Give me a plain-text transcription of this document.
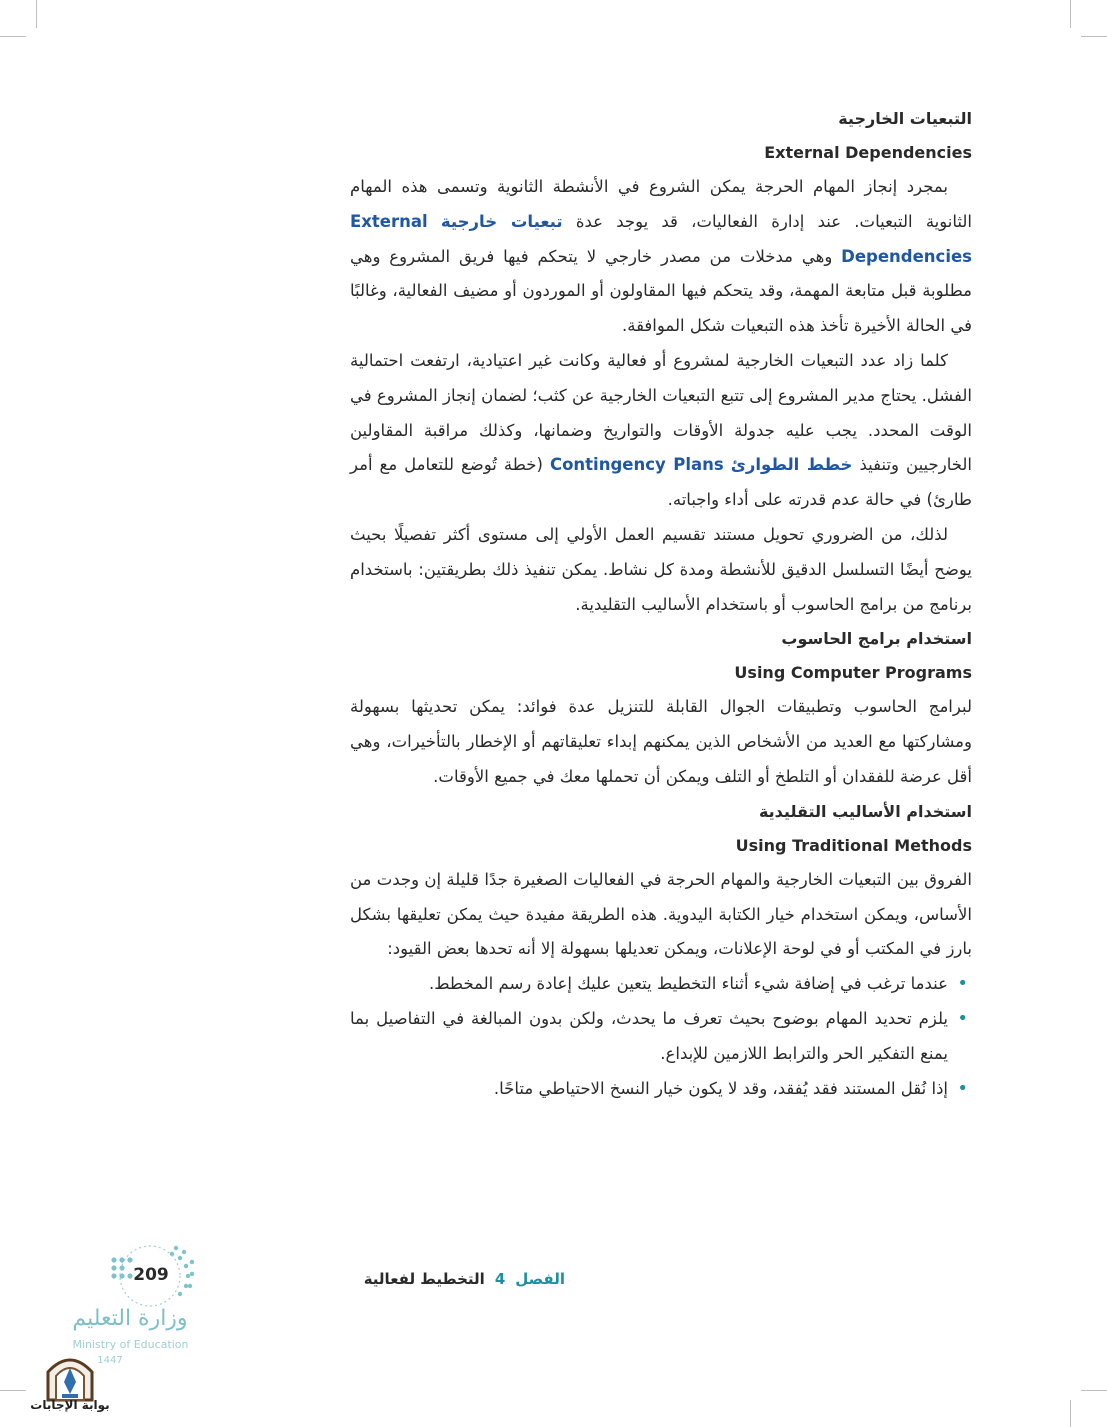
التبعيات الخارجية
External Dependencies

بمجرد إنجاز المهام الحرجة يمكن الشروع في الأنشطة الثانوية وتسمى هذه المهام الثانوية التبعيات. عند إدارة الفعاليات، قد يوجد عدة تبعيات خارجية External Dependencies وهي مدخلات من مصدر خارجي لا يتحكم فيها فريق المشروع وهي مطلوبة قبل متابعة المهمة، وقد يتحكم فيها المقاولون أو الموردون أو مضيف الفعالية، وغالبًا في الحالة الأخيرة تأخذ هذه التبعيات شكل الموافقة.

كلما زاد عدد التبعيات الخارجية لمشروع أو فعالية وكانت غير اعتيادية، ارتفعت احتمالية الفشل. يحتاج مدير المشروع إلى تتبع التبعيات الخارجية عن كثب؛ لضمان إنجاز المشروع في الوقت المحدد. يجب عليه جدولة الأوقات والتواريخ وضمانها، وكذلك مراقبة المقاولين الخارجيين وتنفيذ خطط الطوارئ Contingency Plans (خطة تُوضع للتعامل مع أمر طارئ) في حالة عدم قدرته على أداء واجباته.

لذلك، من الضروري تحويل مستند تقسيم العمل الأولي إلى مستوى أكثر تفصيلًا بحيث يوضح أيضًا التسلسل الدقيق للأنشطة ومدة كل نشاط. يمكن تنفيذ ذلك بطريقتين: باستخدام برنامج من برامج الحاسوب أو باستخدام الأساليب التقليدية.

استخدام برامج الحاسوب
Using Computer Programs

لبرامج الحاسوب وتطبيقات الجوال القابلة للتنزيل عدة فوائد: يمكن تحديثها بسهولة ومشاركتها مع العديد من الأشخاص الذين يمكنهم إبداء تعليقاتهم أو الإخطار بالتأخيرات، وهي أقل عرضة للفقدان أو التلطخ أو التلف ويمكن أن تحملها معك في جميع الأوقات.

استخدام الأساليب التقليدية
Using Traditional Methods

الفروق بين التبعيات الخارجية والمهام الحرجة في الفعاليات الصغيرة جدًا قليلة إن وجدت من الأساس، ويمكن استخدام خيار الكتابة اليدوية. هذه الطريقة مفيدة حيث يمكن تعليقها بشكل بارز في المكتب أو في لوحة الإعلانات، ويمكن تعديلها بسهولة إلا أنه تحدها بعض القيود:

• عندما ترغب في إضافة شيء أثناء التخطيط يتعين عليك إعادة رسم المخطط.
• يلزم تحديد المهام بوضوح بحيث تعرف ما يحدث، ولكن بدون المبالغة في التفاصيل بما يمنع التفكير الحر والترابط اللازمين للإبداع.
• إذا نُقل المستند فقد يُفقد، وقد لا يكون خيار النسخ الاحتياطي متاحًا.
الفصل
4
التخطيط لفعالية
209
وزارة التعليم
Ministry of Education
1447
بوابة الإجابات
